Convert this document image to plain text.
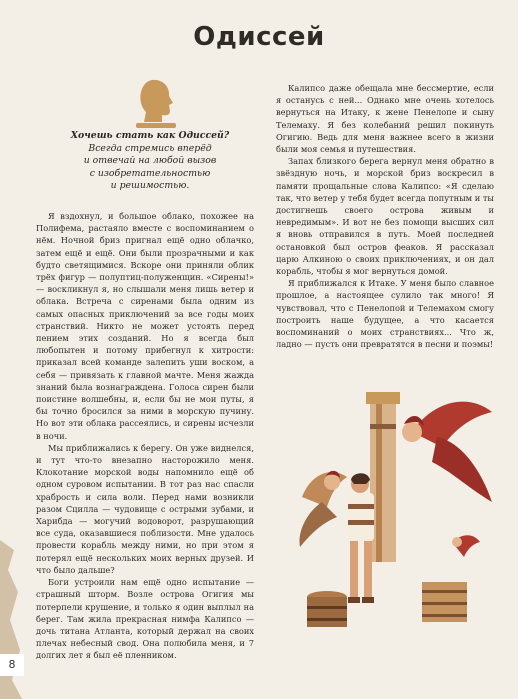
Одиссей
Хочешь стать как Одиссей?
Всегда стремись вперёд
и отвечай на любой вызов
с изобретательностью
и решимостью.

Я вздохнул, и большое облако, похожее на Полифема, растаяло вместе с воспоминанием о нём. Ночной бриз пригнал ещё одно облачко, затем ещё и ещё. Они были прозрачными и как будто светящимися. Вскоре они приняли облик трёх фигур — полуптиц-полуженщин. «Сирены!» — воскликнул я, но слышали меня лишь ветер и облака. Встреча с сиренами была одним из самых опасных приключений за все годы моих странствий. Никто не может устоять перед пением этих созданий. Но я всегда был любопытен и потому прибегнул к хитрости: приказал всей команде залепить уши воском, а себя — привязать к главной мачте. Меня жажда знаний была вознаграждена. Голоса сирен были поистине волшебны, и, если бы не мои путы, я бы точно бросился за ними в морскую пучину. Но вот эти облака рассеялись, и сирены исчезли в ночи.

Мы приближались к берегу. Он уже виднелся, и тут что-то внезапно насторожило меня. Клокотание морской воды напомнило ещё об одном суровом испытании. В тот раз нас спасли храбрость и сила воли. Перед нами возникли разом Сцилла — чудовище с острыми зубами, и Харибда — могучий водоворот, разрушающий все суда, оказавшиеся поблизости. Мне удалось провести корабль между ними, но при этом я потерял ещё нескольких моих верных друзей. И что было дальше?

Боги устроили нам ещё одно испытание — страшный шторм. Возле острова Огигия мы потерпели крушение, и только я один выплыл на берег. Там жила прекрасная нимфа Калипсо — дочь титана Атланта, который держал на своих плечах небесный свод. Она полюбила меня, и 7 долгих лет я был её пленником.

Калипсо даже обещала мне бессмертие, если я останусь с ней... Однако мне очень хотелось вернуться на Итаку, к жене Пенелопе и сыну Телемаху. Я без колебаний решил покинуть Огигию. Ведь для меня важнее всего в жизни были моя семья и путешествия.

Запах близкого берега вернул меня обратно в звёздную ночь, и морской бриз воскресил в памяти прощальные слова Калипсо: «Я сделаю так, что ветер у тебя будет всегда попутным и ты достигнешь своего острова живым и невредимым». И вот не без помощи высших сил я вновь отправился в путь. Моей последней остановкой был остров феаков. Я рассказал царю Алкиною о своих приключениях, и он дал корабль, чтобы я мог вернуться домой.

Я приближался к Итаке. У меня было славное прошлое, а настоящее сулило так много! Я чувствовал, что с Пенелопой и Телемахом смогу построить наше будущее, а что касается воспоминаний о моих странствиях... Что ж, ладно — пусть они превратятся в песни и поэмы!

8
